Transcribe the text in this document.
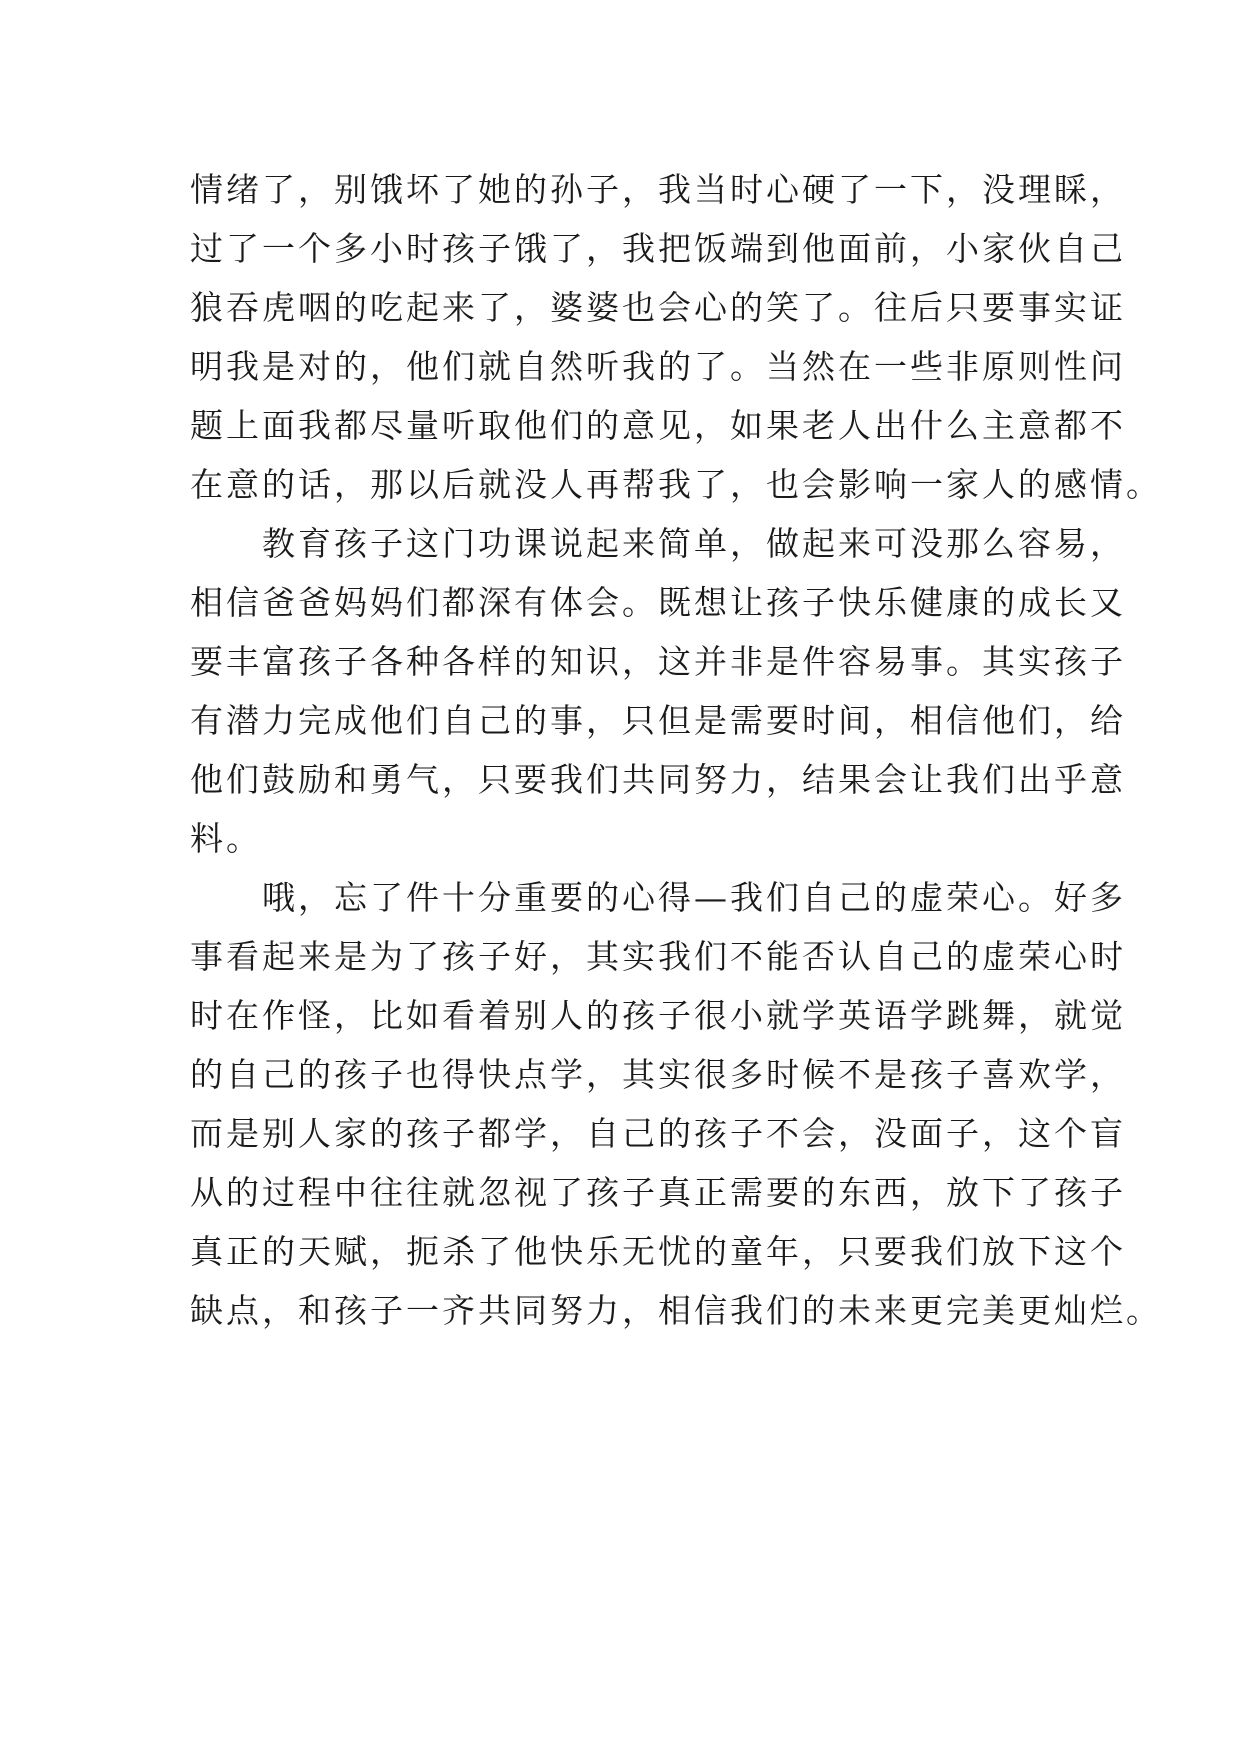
情绪了，别饿坏了她的孙子，我当时心硬了一下，没理睬，
过了一个多小时孩子饿了，我把饭端到他面前，小家伙自己
狼吞虎咽的吃起来了，婆婆也会心的笑了。往后只要事实证
明我是对的，他们就自然听我的了。当然在一些非原则性问
题上面我都尽量听取他们的意见，如果老人出什么主意都不
在意的话，那以后就没人再帮我了，也会影响一家人的感情。
教育孩子这门功课说起来简单，做起来可没那么容易，
相信爸爸妈妈们都深有体会。既想让孩子快乐健康的成长又
要丰富孩子各种各样的知识，这并非是件容易事。其实孩子
有潜力完成他们自己的事，只但是需要时间，相信他们，给
他们鼓励和勇气，只要我们共同努力，结果会让我们出乎意
料。
哦，忘了件十分重要的心得—我们自己的虚荣心。好多
事看起来是为了孩子好，其实我们不能否认自己的虚荣心时
时在作怪，比如看着别人的孩子很小就学英语学跳舞，就觉
的自己的孩子也得快点学，其实很多时候不是孩子喜欢学，
而是别人家的孩子都学，自己的孩子不会，没面子，这个盲
从的过程中往往就忽视了孩子真正需要的东西，放下了孩子
真正的天赋，扼杀了他快乐无忧的童年，只要我们放下这个
缺点，和孩子一齐共同努力，相信我们的未来更完美更灿烂。
